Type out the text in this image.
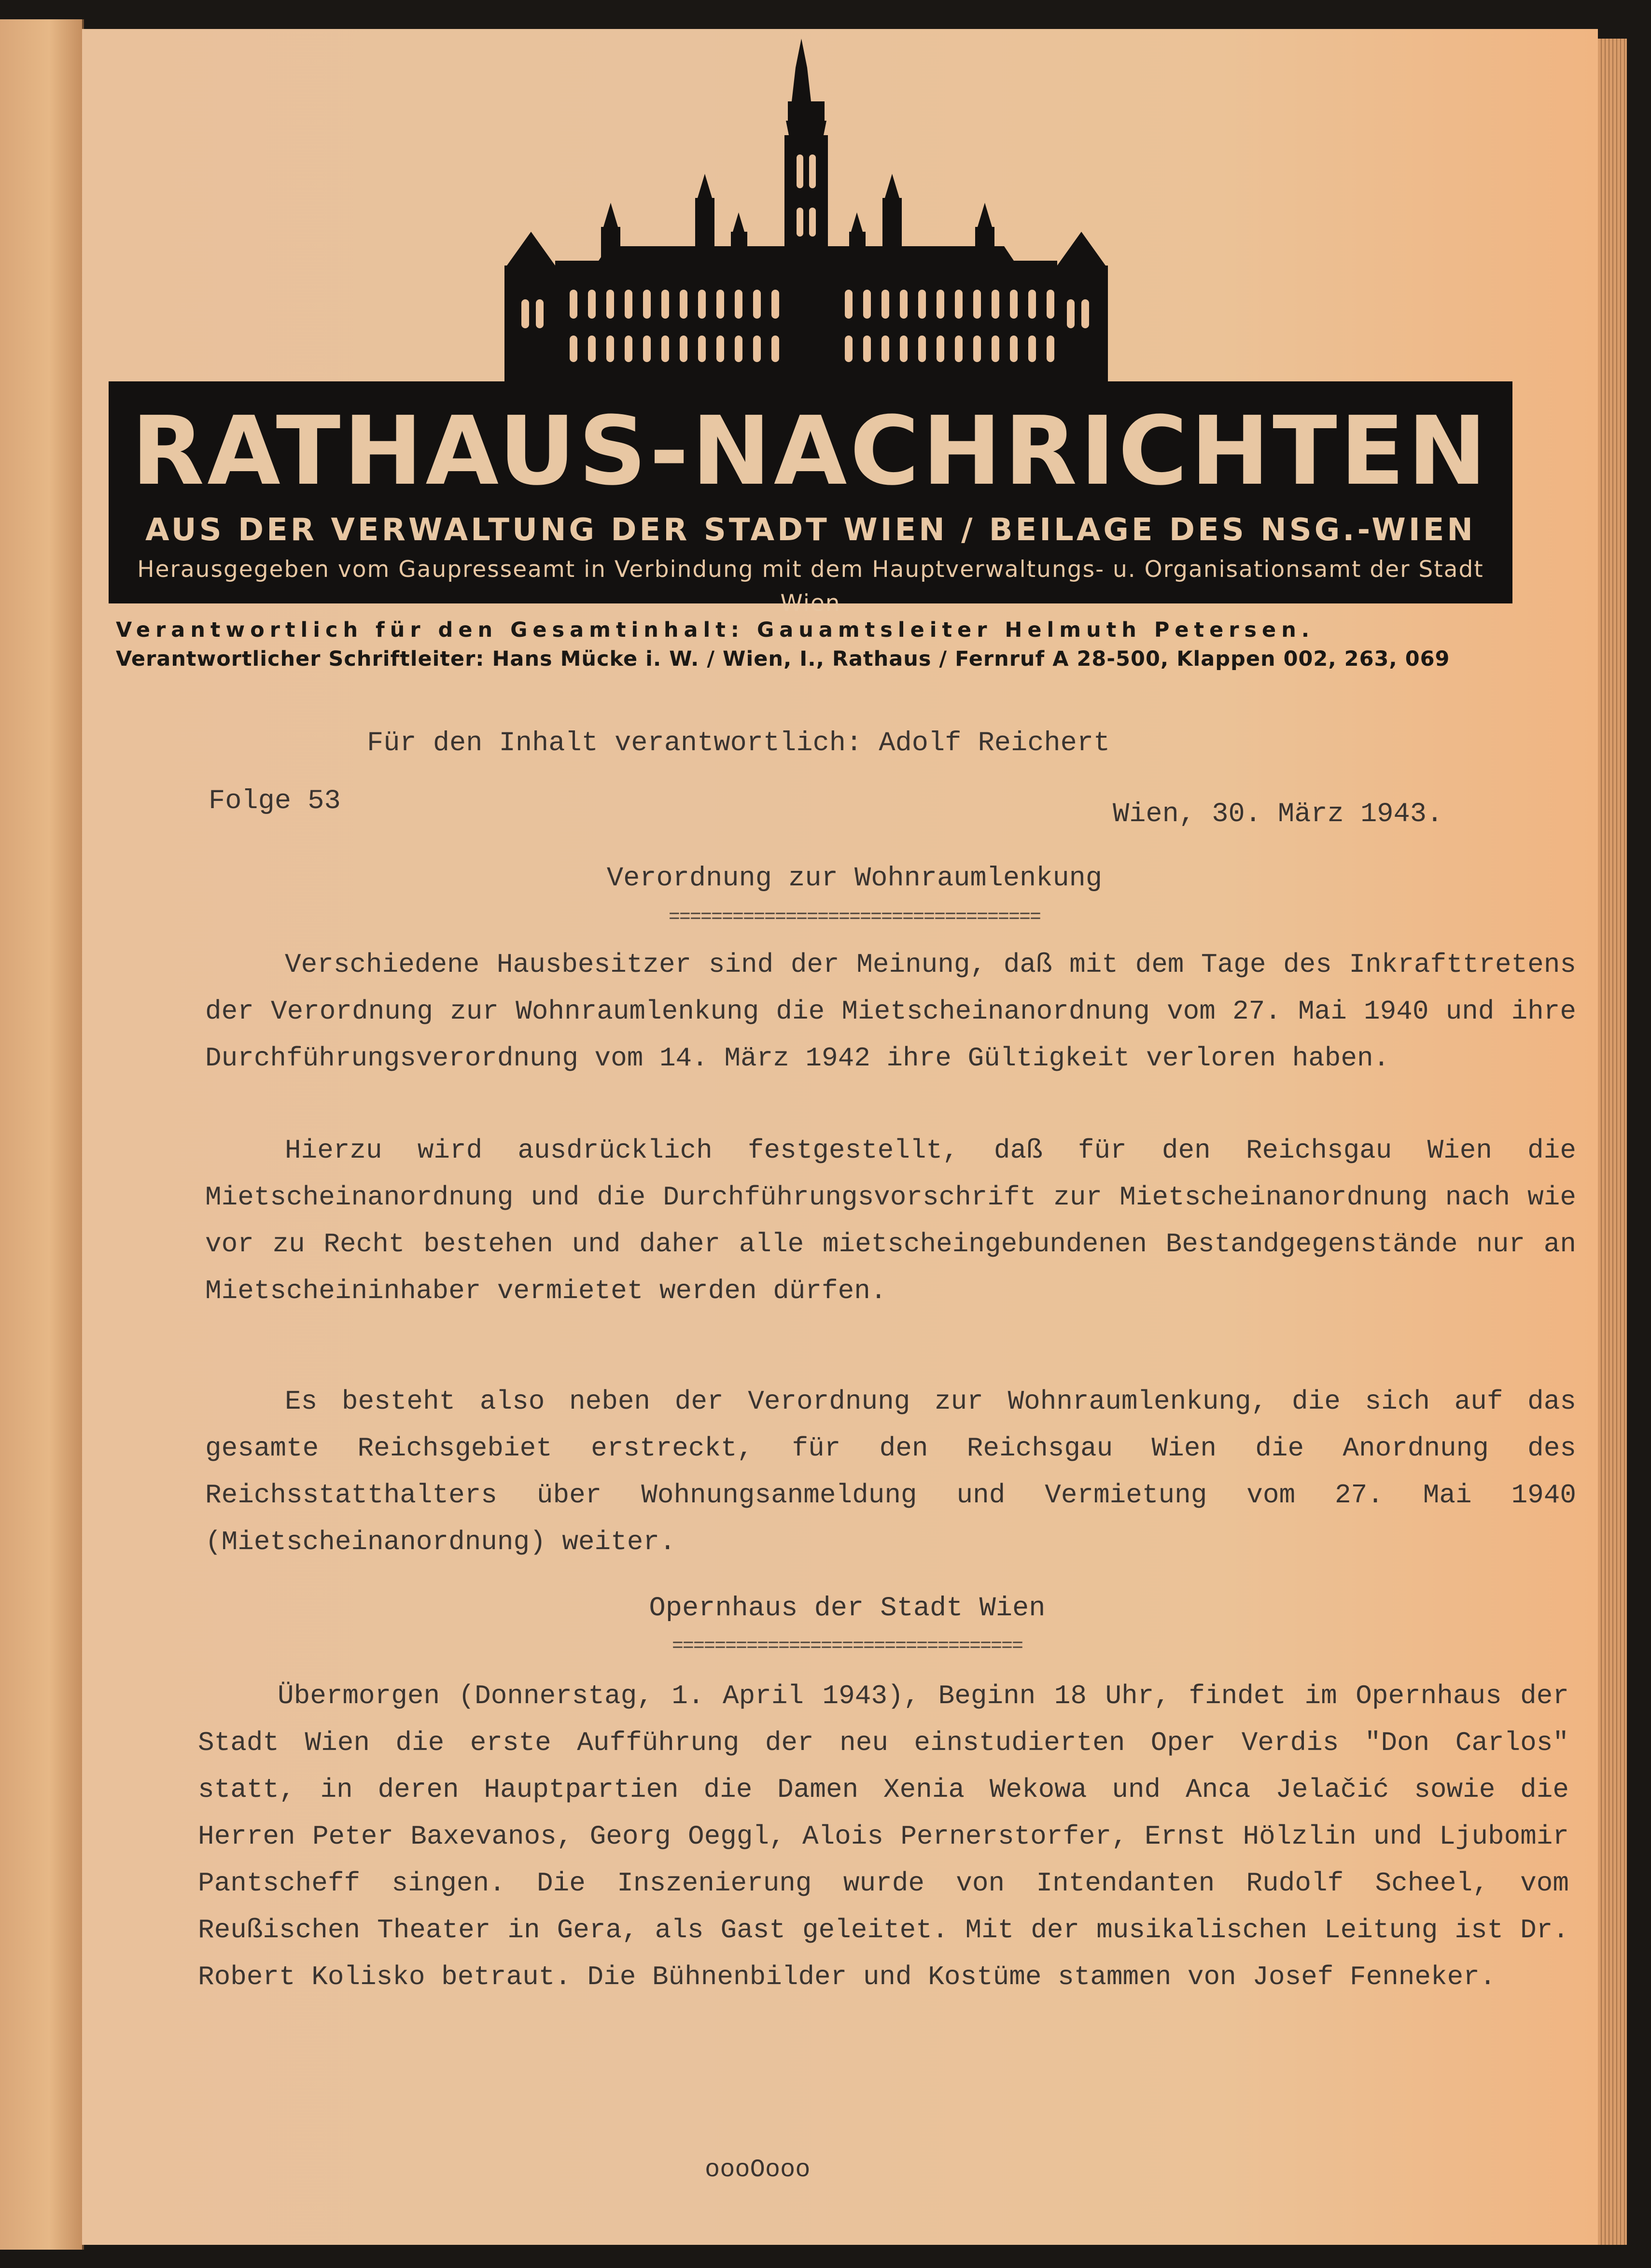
RATHAUS-NACHRICHTEN
AUS DER VERWALTUNG DER STADT WIEN / BEILAGE DES NSG.-WIEN
Herausgegeben vom Gaupresseamt in Verbindung mit dem Hauptverwaltungs- u. Organisationsamt der Stadt Wien
Verantwortlich für den Gesamtinhalt: Gauamtsleiter Helmuth Petersen.
Verantwortlicher Schriftleiter: Hans Mücke i. W. / Wien, I., Rathaus / Fernruf A 28-500, Klappen 002, 263, 069
Für den Inhalt verantwortlich: Adolf Reichert
Folge 53	Wien, 30. März 1943.
Verordnung zur Wohnraumlenkung
===================================
Verschiedene Hausbesitzer sind der Meinung, daß mit dem Tage des Inkrafttretens der Verordnung zur Wohnraumlenkung die Mietscheinanordnung vom 27. Mai 1940 und ihre Durchführungsverordnung vom 14. März 1942 ihre Gültigkeit verloren haben.
Hierzu wird ausdrücklich festgestellt, daß für den Reichsgau Wien die Mietscheinanordnung und die Durchführungsvorschrift zur Mietscheinanordnung nach wie vor zu Recht bestehen und daher alle mietscheingebundenen Bestandgegenstände nur an Mietscheininhaber vermietet werden dürfen.
Es besteht also neben der Verordnung zur Wohnraumlenkung, die sich auf das gesamte Reichsgebiet erstreckt, für den Reichsgau Wien die Anordnung des Reichsstatthalters über Wohnungsanmeldung und Vermietung vom 27. Mai 1940 (Mietscheinanordnung) weiter.
Opernhaus der Stadt Wien
=================================
Übermorgen (Donnerstag, 1. April 1943), Beginn 18 Uhr, findet im Opernhaus der Stadt Wien die erste Aufführung der neu einstudierten Oper Verdis "Don Carlos" statt, in deren Hauptpartien die Damen Xenia Wekowa und Anca Jelačić sowie die Herren Peter Baxevanos, Georg Oeggl, Alois Pernerstorfer, Ernst Hölzlin und Ljubomir Pantscheff singen. Die Inszenierung wurde von Intendanten Rudolf Scheel, vom Reußischen Theater in Gera, als Gast geleitet. Mit der musikalischen Leitung ist Dr. Robert Kolisko betraut. Die Bühnenbilder und Kostüme stammen von Josef Fenneker.
oooOooo
